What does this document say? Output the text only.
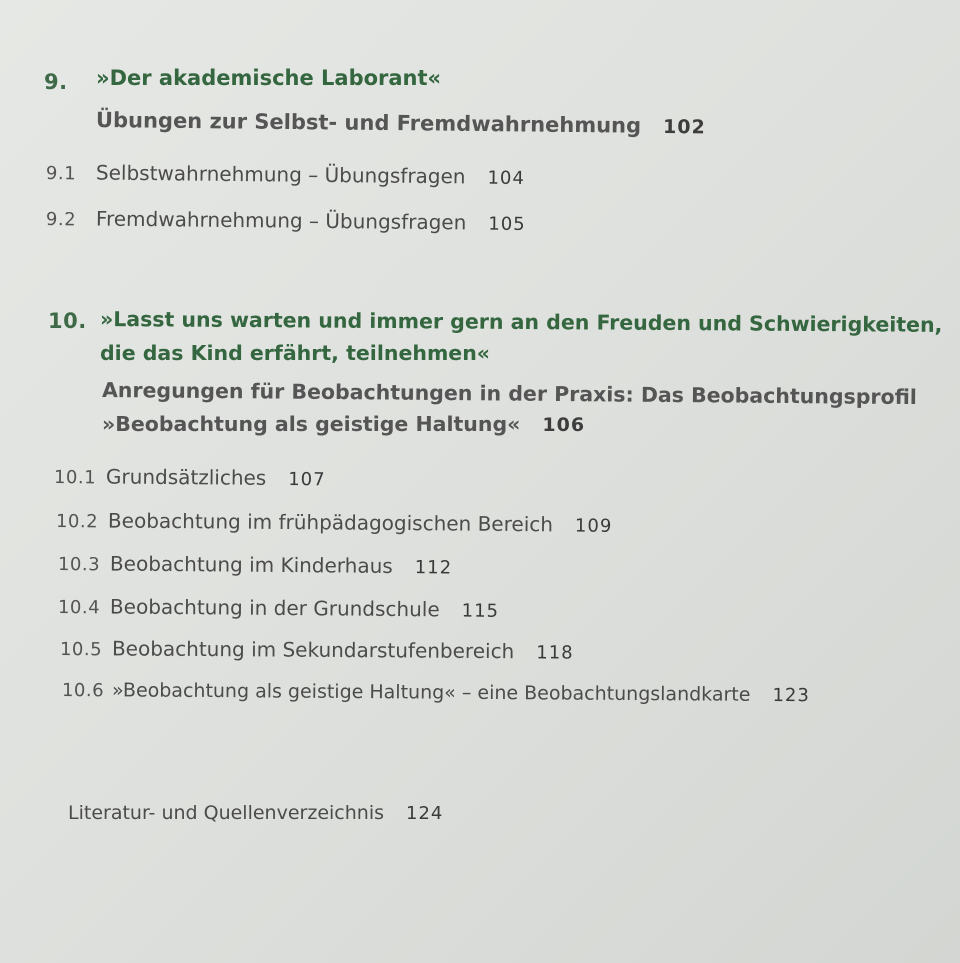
9. »Der akademische Laborant«
Übungen zur Selbst- und Fremdwahrnehmung 102
9.1 Selbstwahrnehmung – Übungsfragen 104
9.2 Fremdwahrnehmung – Übungsfragen 105
10. »Lasst uns warten und immer gern an den Freuden und Schwierigkeiten,
die das Kind erfährt, teilnehmen«
Anregungen für Beobachtungen in der Praxis: Das Beobachtungsprofil
»Beobachtung als geistige Haltung« 106
10.1 Grundsätzliches 107
10.2 Beobachtung im frühpädagogischen Bereich 109
10.3 Beobachtung im Kinderhaus 112
10.4 Beobachtung in der Grundschule 115
10.5 Beobachtung im Sekundarstufenbereich 118
10.6 »Beobachtung als geistige Haltung« – eine Beobachtungslandkarte 123
Literatur- und Quellenverzeichnis 124
